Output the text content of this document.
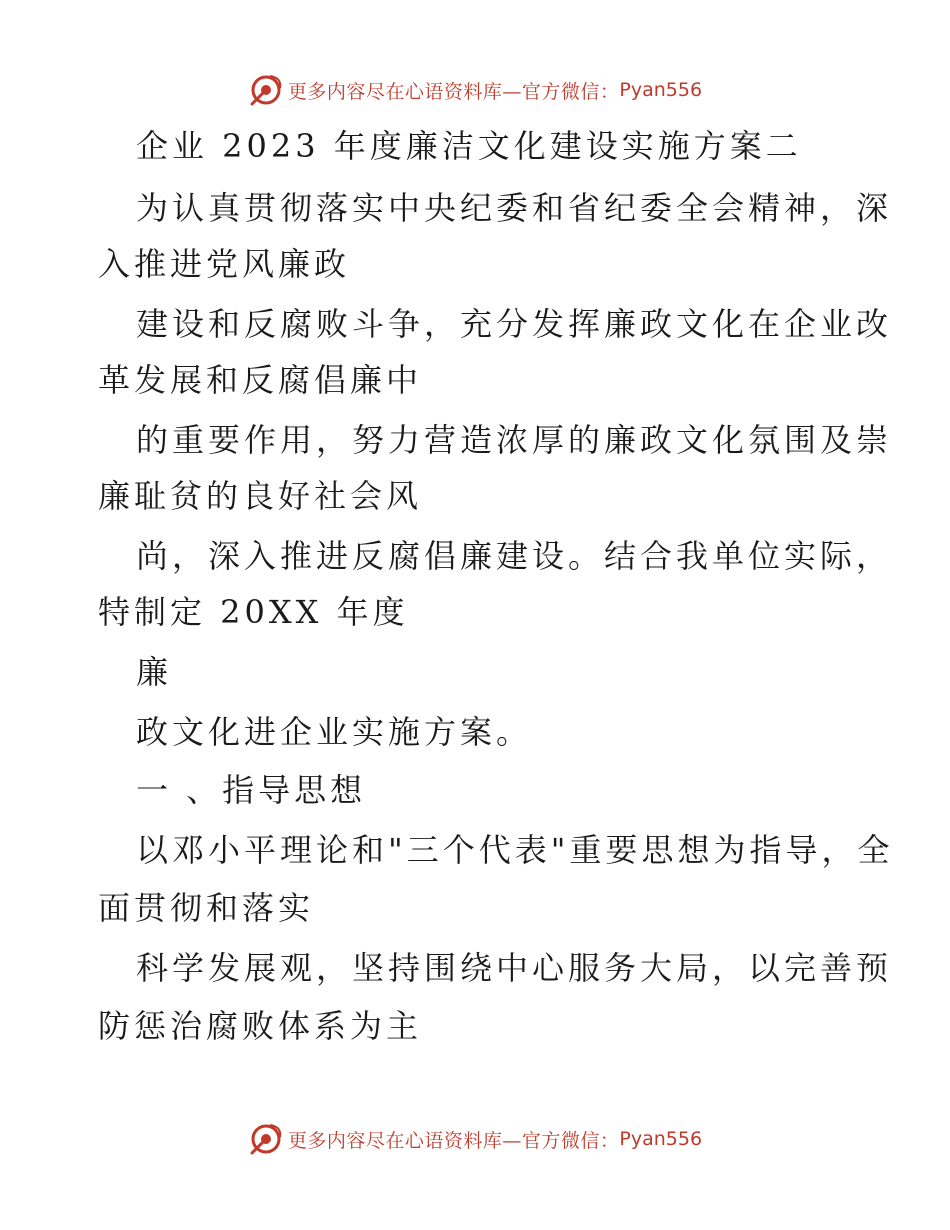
更多内容尽在心语资料库—官方微信： Pyan556
企业 2023 年度廉洁文化建设实施方案二
为认真贯彻落实中央纪委和省纪委全会精神，深
入推进党风廉政
建设和反腐败斗争，充分发挥廉政文化在企业改
革发展和反腐倡廉中
的重要作用，努力营造浓厚的廉政文化氛围及崇
廉耻贫的良好社会风
尚，深入推进反腐倡廉建设。结合我单位实际，
特制定 20XX 年度
廉
政文化进企业实施方案。
一 、指导思想
以邓小平理论和"三个代表"重要思想为指导，全
面贯彻和落实
科学发展观，坚持围绕中心服务大局，以完善预
防惩治腐败体系为主
更多内容尽在心语资料库—官方微信： Pyan556
